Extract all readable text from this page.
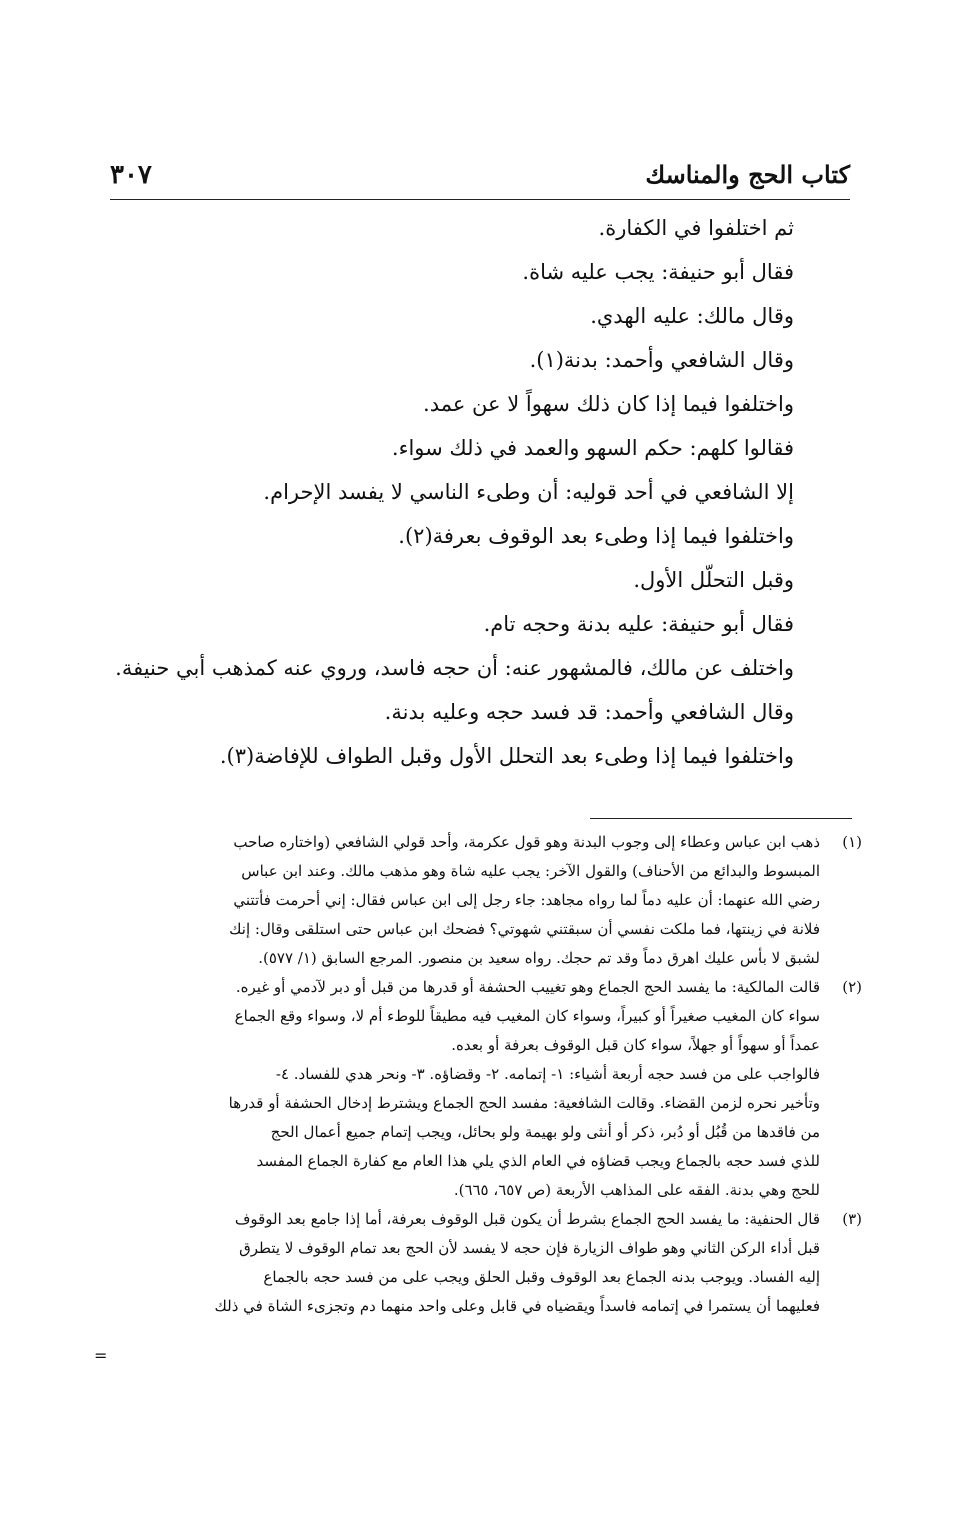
كتاب الحج والمناسك
٣٠٧

ثم اختلفوا في الكفارة.

فقال أبو حنيفة: يجب عليه شاة.

وقال مالك: عليه الهدي.

وقال الشافعي وأحمد: بدنة(١).

واختلفوا فيما إذا كان ذلك سهواً لا عن عمد.

فقالوا كلهم: حكم السهو والعمد في ذلك سواء.

إلا الشافعي في أحد قوليه: أن وطىء الناسي لا يفسد الإحرام.

واختلفوا فيما إذا وطىء بعد الوقوف بعرفة(٢).

وقبل التحلّل الأول.

فقال أبو حنيفة: عليه بدنة وحجه تام.

واختلف عن مالك، فالمشهور عنه: أن حجه فاسد، وروي عنه كمذهب أبي حنيفة.

وقال الشافعي وأحمد: قد فسد حجه وعليه بدنة.

واختلفوا فيما إذا وطىء بعد التحلل الأول وقبل الطواف للإفاضة(٣).

(١)
ذهب ابن عباس وعطاء إلى وجوب البدنة وهو قول عكرمة، وأحد قولي الشافعي (واختاره صاحب
المبسوط والبدائع من الأحناف) والقول الآخر: يجب عليه شاة وهو مذهب مالك. وعند ابن عباس
رضي الله عنهما: أن عليه دماً لما رواه مجاهد: جاء رجل إلى ابن عباس فقال: إني أحرمت فأتتني
فلانة في زينتها، فما ملكت نفسي أن سبقتني شهوتي؟ فضحك ابن عباس حتى استلقى وقال: إنك
لشبق لا بأس عليك اهرق دماً وقد تم حجك. رواه سعيد بن منصور. المرجع السابق (١/ ٥٧٧).
(٢)
قالت المالكية: ما يفسد الحج الجماع وهو تغييب الحشفة أو قدرها من قبل أو دبر لآدمي أو غيره.
سواء كان المغيب صغيراً أو كبيراً، وسواء كان المغيب فيه مطيقاً للوطء أم لا، وسواء وقع الجماع
عمداً أو سهواً أو جهلاً، سواء كان قبل الوقوف بعرفة أو بعده.
فالواجب على من فسد حجه أربعة أشياء: ١- إتمامه. ٢- وقضاؤه. ٣- ونحر هدي للفساد. ٤-
وتأخير نحره لزمن القضاء. وقالت الشافعية: مفسد الحج الجماع ويشترط إدخال الحشفة أو قدرها
من فاقدها من قُبُل أو دُبر، ذكر أو أنثى ولو بهيمة ولو بحائل، ويجب إتمام جميع أعمال الحج
للذي فسد حجه بالجماع ويجب قضاؤه في العام الذي يلي هذا العام مع كفارة الجماع المفسد
للحج وهي بدنة. الفقه على المذاهب الأربعة (ص ٦٥٧، ٦٦٥).
(٣)
قال الحنفية: ما يفسد الحج الجماع بشرط أن يكون قبل الوقوف بعرفة، أما إذا جامع بعد الوقوف
قبل أداء الركن الثاني وهو طواف الزيارة فإن حجه لا يفسد لأن الحج بعد تمام الوقوف لا يتطرق
إليه الفساد. ويوجب بدنه الجماع بعد الوقوف وقبل الحلق ويجب على من فسد حجه بالجماع
فعليهما أن يستمرا في إتمامه فاسداً ويقضياه في قابل وعلى واحد منهما دم وتجزىء الشاة في ذلك
=
